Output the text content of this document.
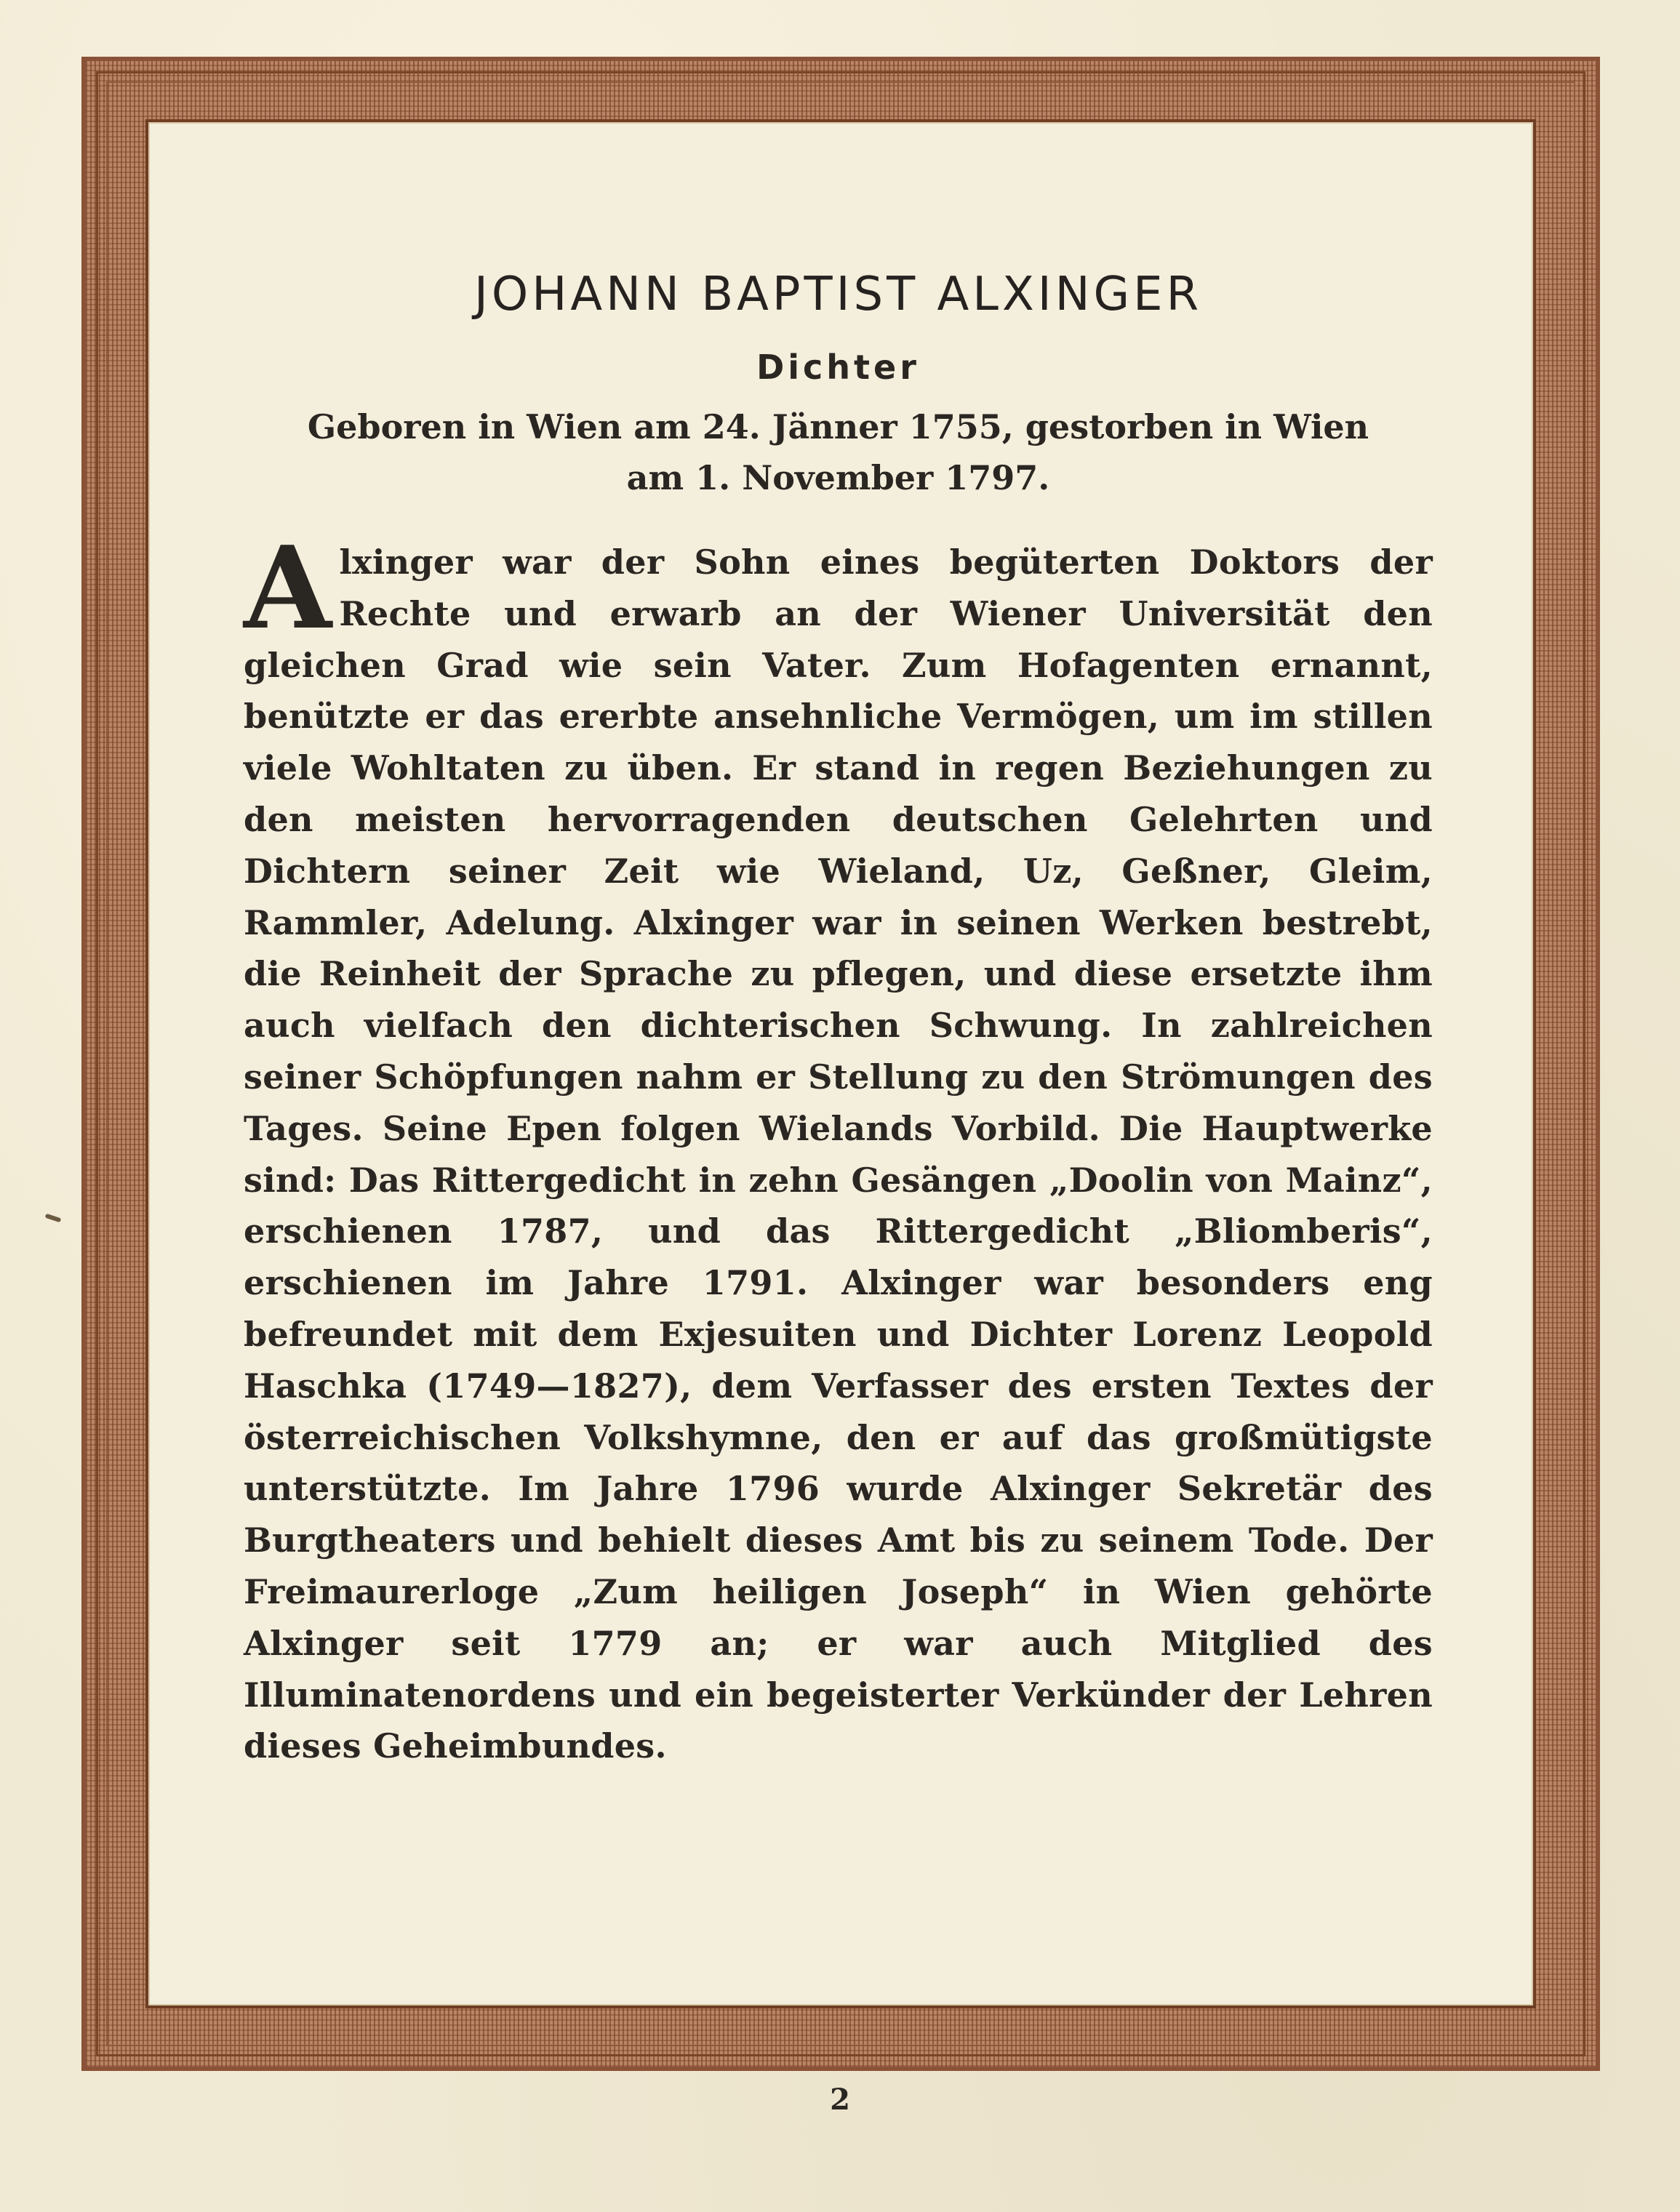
JOHANN BAPTIST ALXINGER
Dichter
Geboren in Wien am 24. Jänner 1755, gestorben in Wien
am 1. November 1797.
Alxinger war der Sohn eines begüterten Doktors der Rechte und erwarb an der Wiener Universität den gleichen Grad wie sein Vater. Zum Hofagenten ernannt, benützte er das ererbte ansehnliche Vermögen, um im stillen viele Wohltaten zu üben. Er stand in regen Beziehungen zu den meisten hervorragenden deutschen Gelehrten und Dichtern seiner Zeit wie Wieland, Uz, Geßner, Gleim, Rammler, Adelung. Alxinger war in seinen Werken bestrebt, die Reinheit der Sprache zu pflegen, und diese ersetzte ihm auch vielfach den dichterischen Schwung. In zahlreichen seiner Schöpfungen nahm er Stellung zu den Strömungen des Tages. Seine Epen folgen Wielands Vorbild. Die Hauptwerke sind: Das Rittergedicht in zehn Gesängen „Doolin von Mainz“, erschienen 1787, und das Rittergedicht „Bliomberis“, erschienen im Jahre 1791. Alxinger war besonders eng befreundet mit dem Exjesuiten und Dichter Lorenz Leopold Haschka (1749—1827), dem Verfasser des ersten Textes der österreichischen Volkshymne, den er auf das großmütigste unterstützte. Im Jahre 1796 wurde Alxinger Sekretär des Burgtheaters und behielt dieses Amt bis zu seinem Tode. Der Freimaurerloge „Zum heiligen Joseph“ in Wien gehörte Alxinger seit 1779 an; er war auch Mitglied des Illuminatenordens und ein begeisterter Verkünder der Lehren dieses Geheimbundes.
2
